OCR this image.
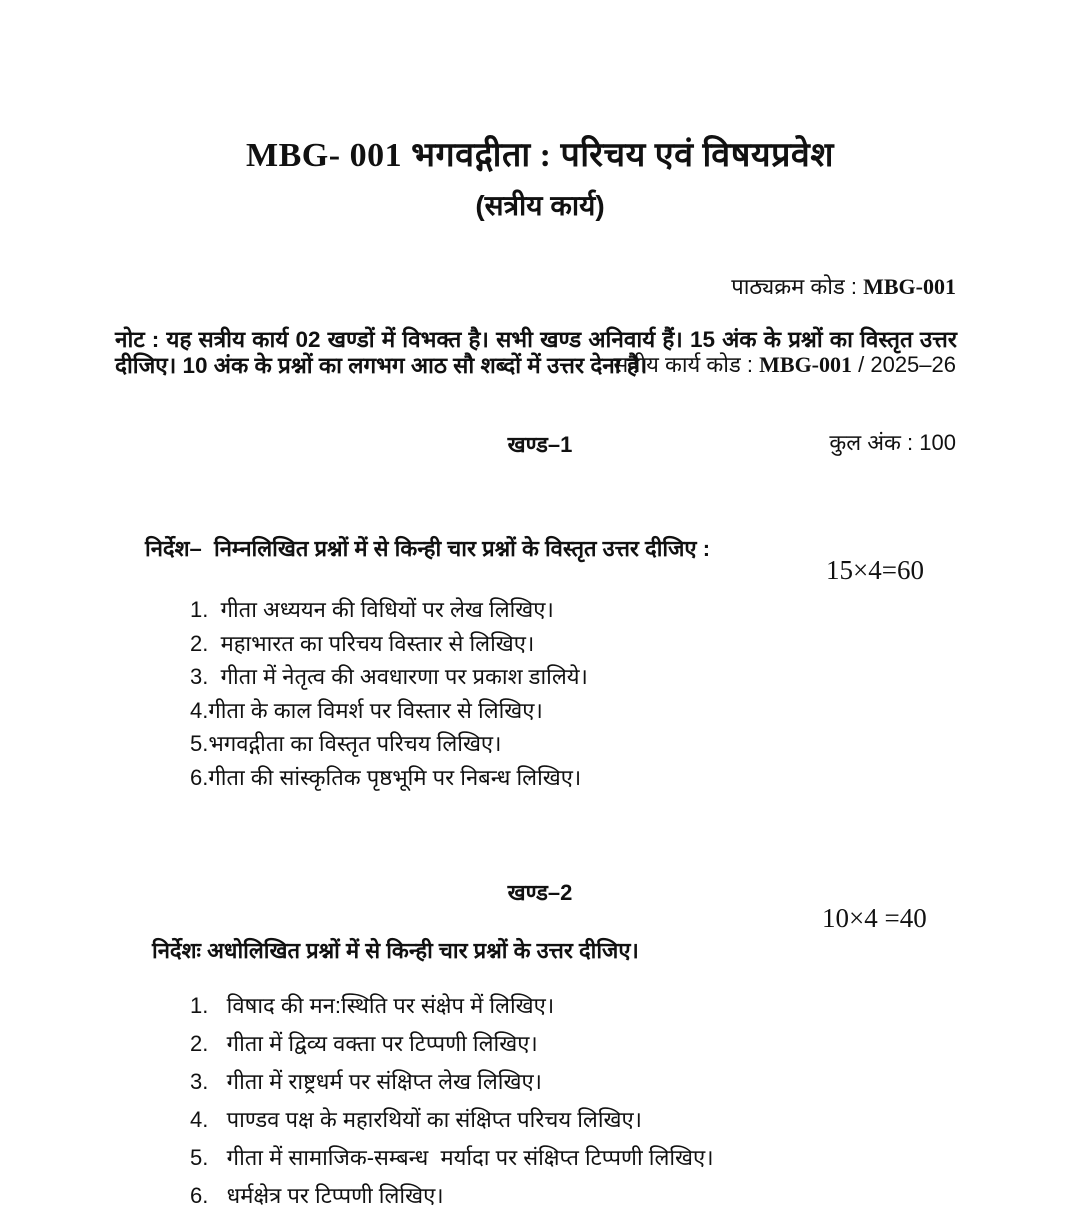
MBG- 001 भगवद्गीता : परिचय एवं विषयप्रवेश
(सत्रीय कार्य)

पाठ्यक्रम कोड : MBG-001

सत्रीय कार्य कोड : MBG-001 / 2025–26

कुल अंक : 100

नोट : यह सत्रीय कार्य 02 खण्डों में विभक्त है। सभी खण्ड अनिवार्य हैं। 15 अंक के प्रश्नों का विस्तृत उत्तर दीजिए। 10 अंक के प्रश्नों का लगभग आठ सौ शब्दों में उत्तर देना है।

खण्ड–1
निर्देश–  निम्नलिखित प्रश्नों में से किन्ही चार प्रश्नों के विस्तृत उत्तर दीजिए :
15×4=60
1.  गीता अध्ययन की विधियों पर लेख लिखिए।
2.  महाभारत का परिचय विस्तार से लिखिए।
3.  गीता में नेतृत्व की अवधारणा पर प्रकाश डालिये।
4.गीता के काल विमर्श पर विस्तार से लिखिए।
5.भगवद्गीता का विस्तृत परिचय लिखिए।
6.गीता की सांस्कृतिक पृष्ठभूमि पर निबन्ध लिखिए।
खण्ड–2
10×4 =40
निर्देशः अधोलिखित प्रश्नों में से किन्ही चार प्रश्नों के उत्तर दीजिए।
1.   विषाद की मन:स्थिति पर संक्षेप में लिखिए।
2.   गीता में द्विव्य वक्ता पर टिप्पणी लिखिए।
3.   गीता में राष्ट्रधर्म पर संक्षिप्त लेख लिखिए।
4.   पाण्डव पक्ष के महारथियों का संक्षिप्त परिचय लिखिए।
5.   गीता में सामाजिक-सम्बन्ध  मर्यादा पर संक्षिप्त टिप्पणी लिखिए।
6.   धर्मक्षेत्र पर टिप्पणी लिखिए।
